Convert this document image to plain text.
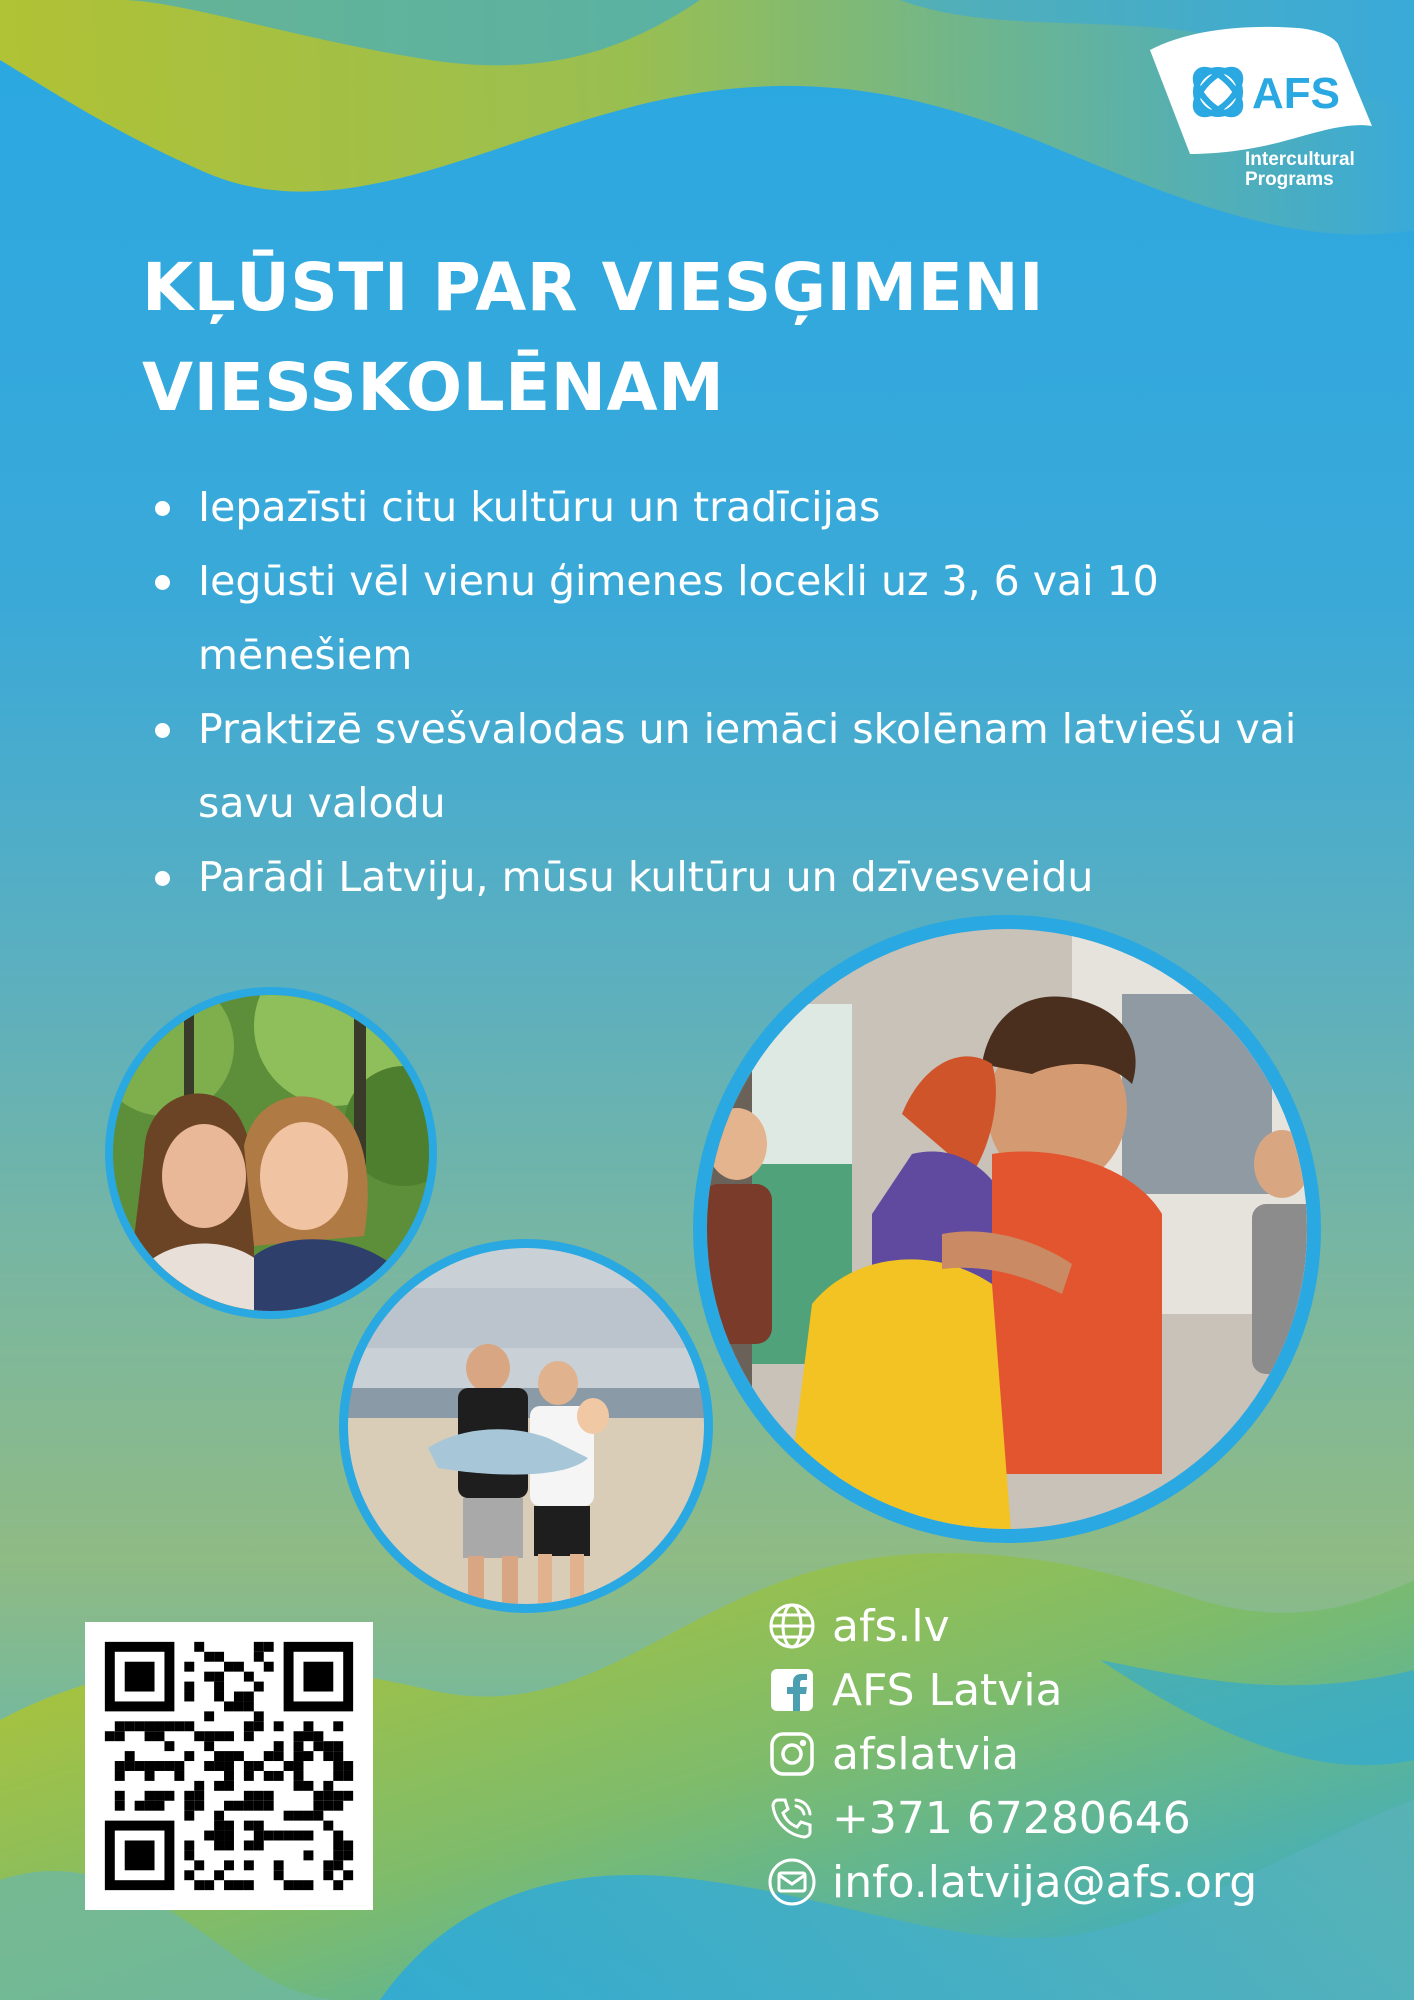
AFS
Intercultural
Programs
KĻŪSTI PAR VIESĢIMENI
VIESSKOLĒNAM
Iepazīsti citu kultūru un tradīcijas
Iegūsti vēl vienu ģimenes locekli uz 3, 6 vai 10 mēnešiem
Praktizē svešvalodas un iemāci skolēnam latviešu vai savu valodu
Parādi Latviju, mūsu kultūru un dzīvesveidu
afs.lv
AFS Latvia
afslatvia
+371 67280646
info.latvija@afs.org
